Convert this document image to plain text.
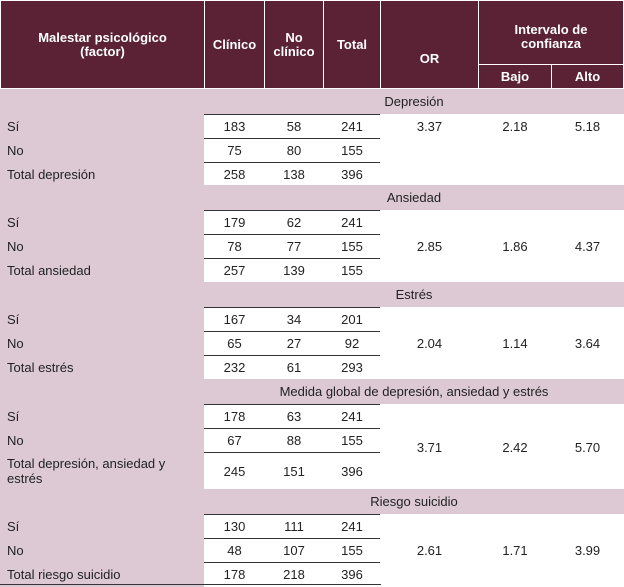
Malestar psicológico (factor)	Clínico	No clínico	Total
OR
Intervalo de confianza
Bajo	Alto
Depresión
Sí	183	58	241
No	75	80	155
Total depresión	258	138	396
3.37	2.18	5.18
Ansiedad
Sí	179	62	241
No	78	77	155
Total ansiedad	257	139	155
2.85	1.86	4.37
Estrés
Sí	167	34	201
No	65	27	92
Total estrés	232	61	293
2.04	1.14	3.64
Medida global de depresión, ansiedad y estrés
Sí	178	63	241
No	67	88	155
Total depresión, ansiedad y estrés	245	151	396
3.71	2.42	5.70
Riesgo suicidio
Sí	130	111	241
No	48	107	155
Total riesgo suicidio	178	218	396
2.61	1.71	3.99
